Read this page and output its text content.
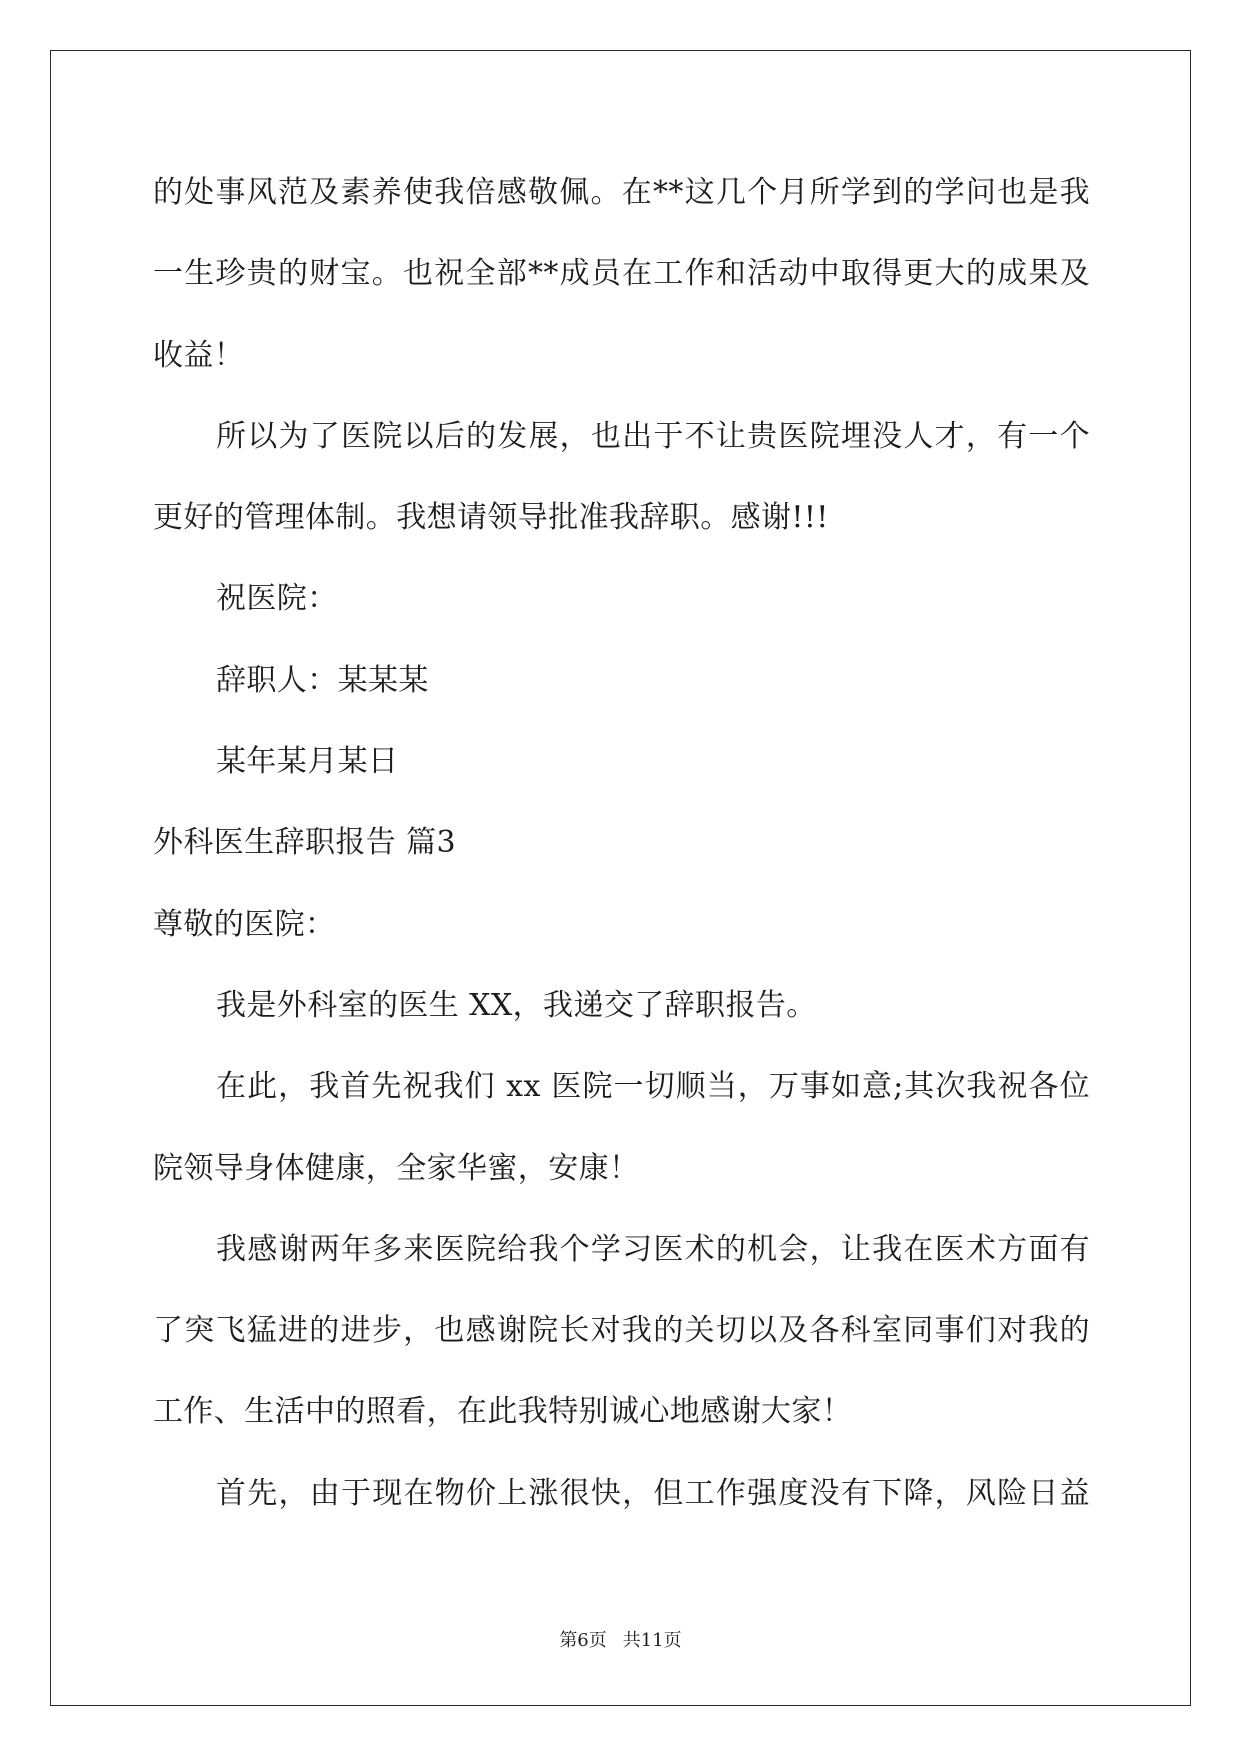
的处事风范及素养使我倍感敬佩。在**这几个月所学到的学问也是我
一生珍贵的财宝。也祝全部**成员在工作和活动中取得更大的成果及
收益！
所以为了医院以后的发展，也出于不让贵医院埋没人才，有一个
更好的管理体制。我想请领导批准我辞职。感谢!!!
祝医院：
辞职人：某某某
某年某月某日
外科医生辞职报告 篇3
尊敬的医院：
我是外科室的医生 XX，我递交了辞职报告。
在此，我首先祝我们 xx 医院一切顺当，万事如意;其次我祝各位
院领导身体健康，全家华蜜，安康！
我感谢两年多来医院给我个学习医术的机会，让我在医术方面有
了突飞猛进的进步，也感谢院长对我的关切以及各科室同事们对我的
工作、生活中的照看，在此我特别诚心地感谢大家！
首先，由于现在物价上涨很快，但工作强度没有下降，风险日益
第6页 共11页
